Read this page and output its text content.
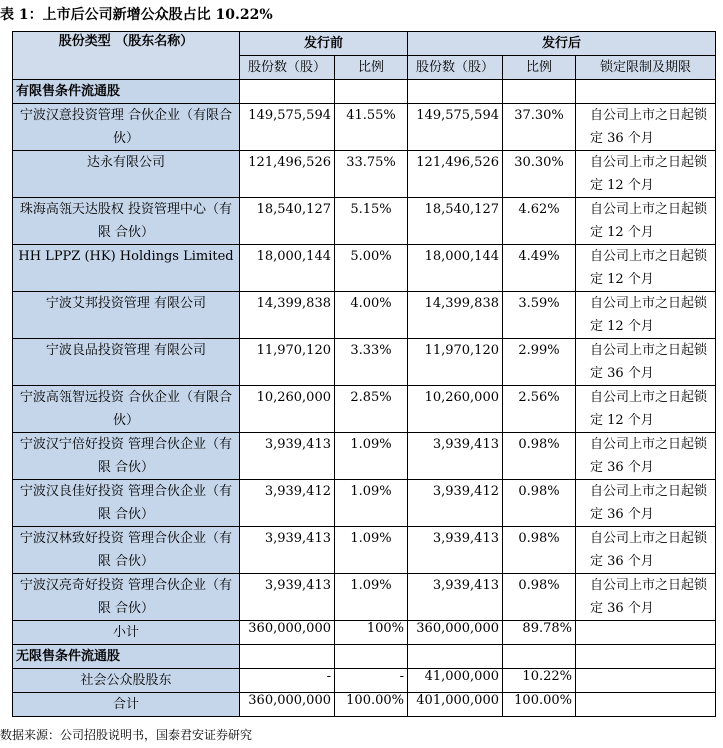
表 1：上市后公司新增公众股占比 10.22%
股份类型 （股东名称）	发行前		发行后		
	股份数（股）	比例	股份数（股）	比例	锁定限制及期限
有限售条件流通股					
宁波汉意投资管理 合伙企业（有限合 伙）	149,575,594	41.55%	149,575,594	37.30%	自公司上市之日起锁定 36 个月
达永有限公司	121,496,526	33.75%	121,496,526	30.30%	自公司上市之日起锁定 12 个月
珠海高瓴天达股权 投资管理中心（有限 合伙）	18,540,127	5.15%	18,540,127	4.62%	自公司上市之日起锁定 12 个月
HH LPPZ (HK) Holdings Limited	18,000,144	5.00%	18,000,144	4.49%	自公司上市之日起锁定 12 个月
宁波艾邦投资管理 有限公司	14,399,838	4.00%	14,399,838	3.59%	自公司上市之日起锁定 12 个月
宁波良品投资管理 有限公司	11,970,120	3.33%	11,970,120	2.99%	自公司上市之日起锁定 36 个月
宁波高瓴智远投资 合伙企业（有限合 伙）	10,260,000	2.85%	10,260,000	2.56%	自公司上市之日起锁定 12 个月
宁波汉宁倍好投资 管理合伙企业（有限 合伙）	3,939,413	1.09%	3,939,413	0.98%	自公司上市之日起锁定 36 个月
宁波汉良佳好投资 管理合伙企业（有限 合伙）	3,939,412	1.09%	3,939,412	0.98%	自公司上市之日起锁定 36 个月
宁波汉林致好投资 管理合伙企业（有限 合伙）	3,939,413	1.09%	3,939,413	0.98%	自公司上市之日起锁定 36 个月
宁波汉亮奇好投资 管理合伙企业（有限 合伙）	3,939,413	1.09%	3,939,413	0.98%	自公司上市之日起锁定 36 个月
小计	360,000,000	100%	360,000,000	89.78%	
无限售条件流通股					
社会公众股股东	-	-	41,000,000	10.22%	
合计	360,000,000	100.00%	401,000,000	100.00%	
数据来源：公司招股说明书，国泰君安证券研究
